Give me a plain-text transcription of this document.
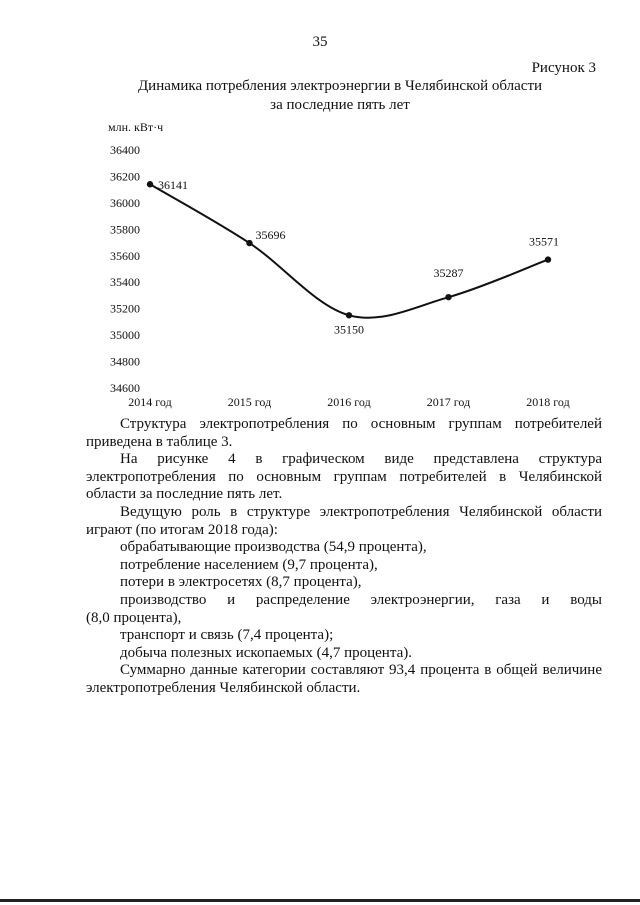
35
Рисунок 3
Динамика потребления электроэнергии в Челябинской области
за последние пять лет
млн. кВт·ч
36400
36200
36000
35800
35600
35400
35200
35000
34800
34600
2014 год	2015 год	2016 год	2017 год	2018 год
36141
35696
35150
35287
35571

Структура электропотребления по основным группам потребителей

приведена в таблице 3.

На рисунке 4 в графическом виде представлена структура

электропотребления по основным группам потребителей в Челябинской

области за последние пять лет.

Ведущую роль в структуре электропотребления Челябинской области

играют (по итогам 2018 года):

обрабатывающие производства (54,9 процента),

потребление населением (9,7 процента),

потери в электросетях (8,7 процента),

производство и распределение электроэнергии, газа и воды

(8,0 процента),

транспорт и связь (7,4 процента);

добыча полезных ископаемых (4,7 процента).

Суммарно данные категории составляют 93,4 процента в общей величине

электропотребления Челябинской области.
